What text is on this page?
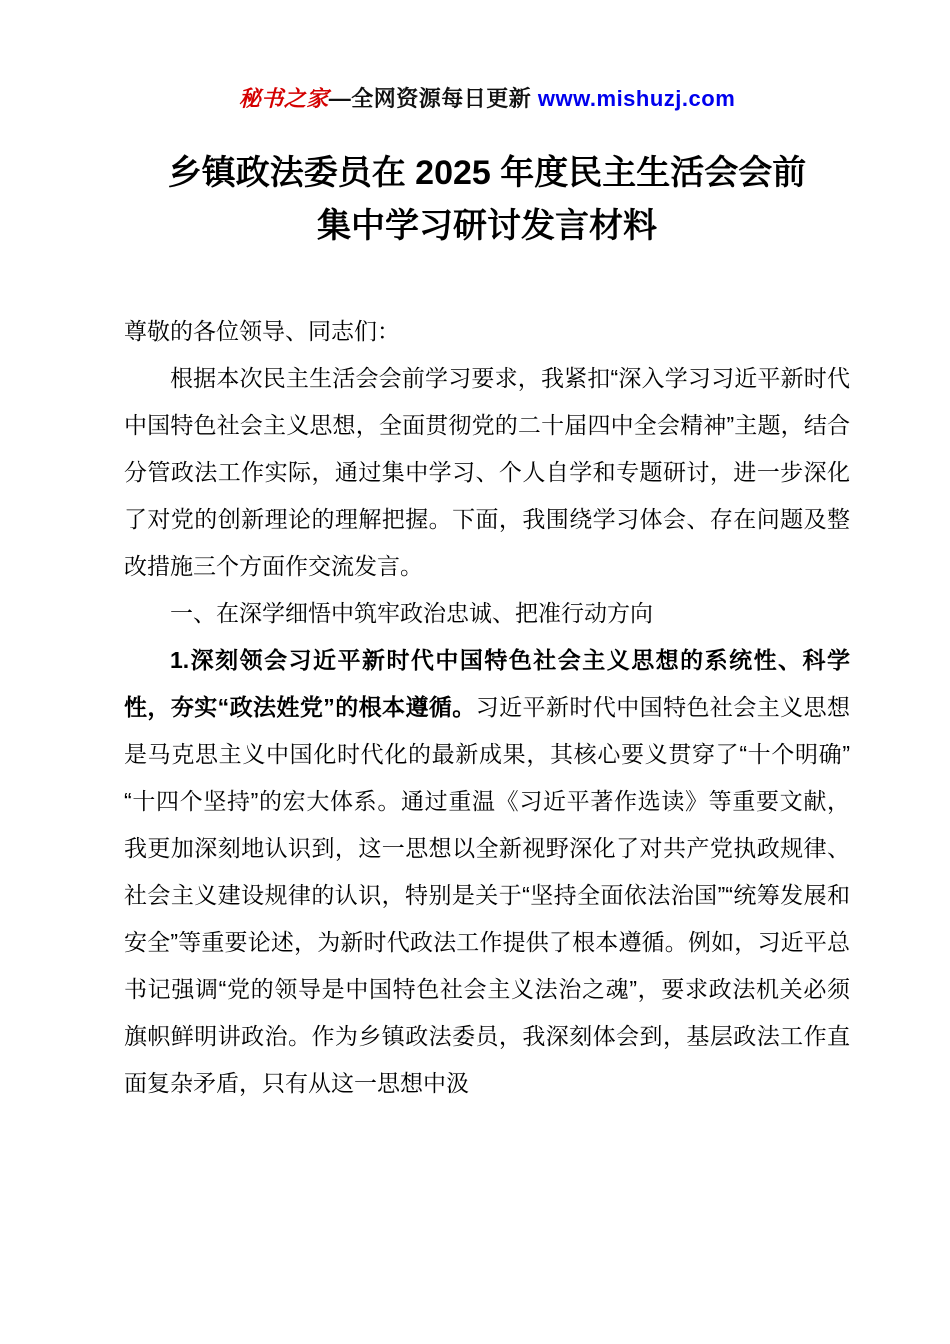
秘书之家—全网资源每日更新 www.mishuzj.com
乡镇政法委员在 2025 年度民主生活会会前
集中学习研讨发言材料

尊敬的各位领导、同志们：

根据本次民主生活会会前学习要求，我紧扣“深入学习习近平新时代中国特色社会主义思想，全面贯彻党的二十届四中全会精神”主题，结合分管政法工作实际，通过集中学习、个人自学和专题研讨，进一步深化了对党的创新理论的理解把握。下面，我围绕学习体会、存在问题及整改措施三个方面作交流发言。

一、在深学细悟中筑牢政治忠诚、把准行动方向

1.深刻领会习近平新时代中国特色社会主义思想的系统性、科学性，夯实“政法姓党”的根本遵循。习近平新时代中国特色社会主义思想是马克思主义中国化时代化的最新成果，其核心要义贯穿了“十个明确”“十四个坚持”的宏大体系。通过重温《习近平著作选读》等重要文献，我更加深刻地认识到，这一思想以全新视野深化了对共产党执政规律、社会主义建设规律的认识，特别是关于“坚持全面依法治国”“统筹发展和安全”等重要论述，为新时代政法工作提供了根本遵循。例如，习近平总书记强调“党的领导是中国特色社会主义法治之魂”，要求政法机关必须旗帜鲜明讲政治。作为乡镇政法委员，我深刻体会到，基层政法工作直面复杂矛盾，只有从这一思想中汲
